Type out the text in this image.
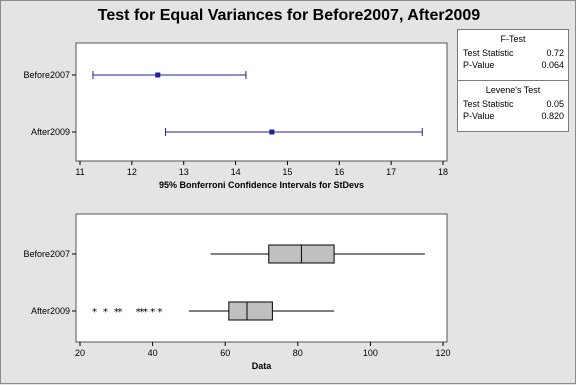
Test for Equal Variances for Before2007, After2009
11	12	13	14	15	16	17	18
95% Bonferroni Confidence Intervals for StDevs
Before2007
After2009
20	40	60	80	100	120
Data
Before2007
After2009 * * *
* *
*
* * *
F-Test
Test Statistic	0.72
P-Value	0.064
Levene's Test
Test Statistic	0.05
P-Value	0.820
